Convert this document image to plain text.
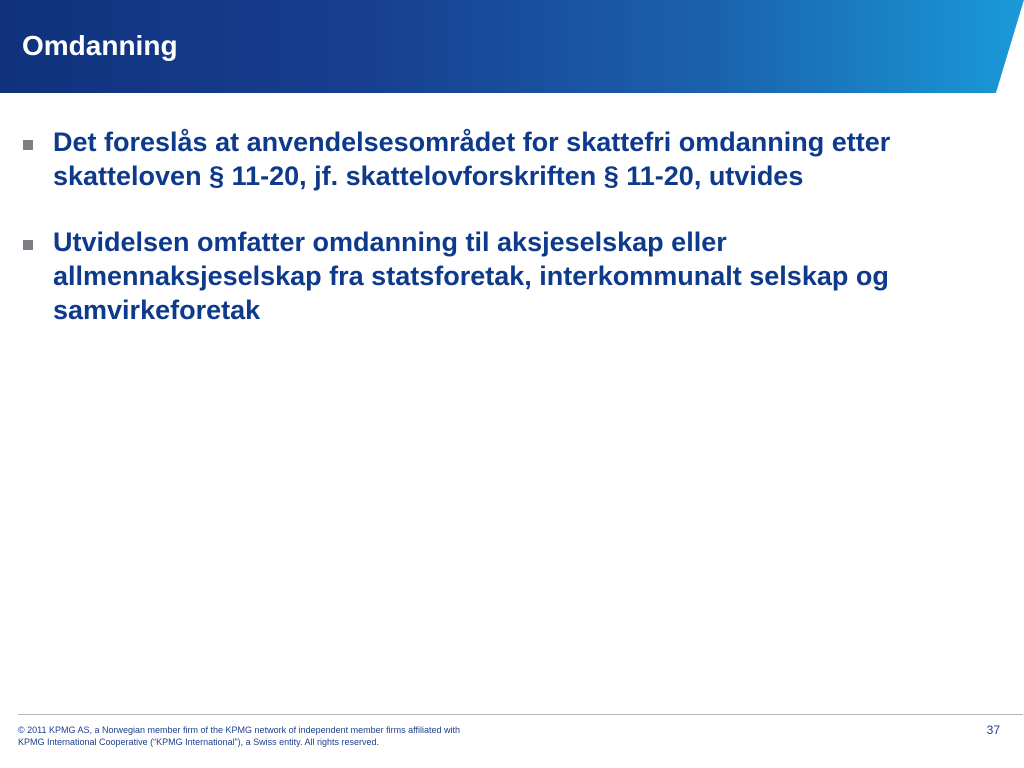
Omdanning
Det foreslås at anvendelsesområdet for skattefri omdanning etter skatteloven § 11-20, jf. skattelovforskriften § 11-20, utvides
Utvidelsen omfatter omdanning til aksjeselskap eller allmennaksjeselskap fra statsforetak, interkommunalt selskap og samvirkeforetak

© 2011 KPMG AS, a Norwegian member firm of the KPMG network of independent member firms affiliated with
KPMG International Cooperative (“KPMG International”), a Swiss entity. All rights reserved.

37
